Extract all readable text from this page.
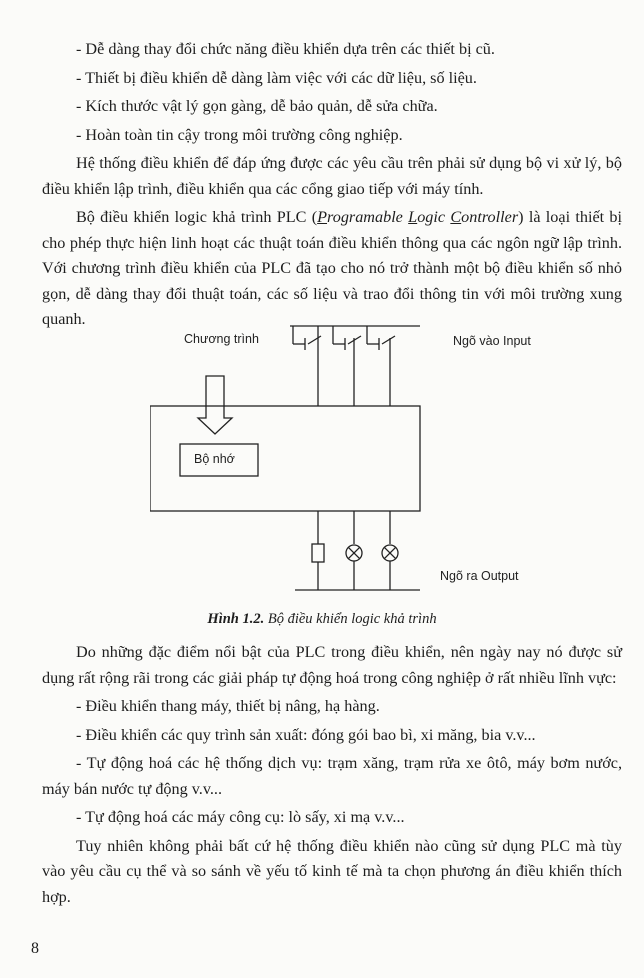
- Dễ dàng thay đổi chức năng điều khiển dựa trên các thiết bị cũ.

- Thiết bị điều khiển dễ dàng làm việc với các dữ liệu, số liệu.

- Kích thước vật lý gọn gàng, dễ bảo quản, dễ sửa chữa.

- Hoàn toàn tin cậy trong môi trường công nghiệp.

Hệ thống điều khiển để đáp ứng được các yêu cầu trên phải sử dụng bộ vi xử lý, bộ điều khiển lập trình, điều khiển qua các cổng giao tiếp với máy tính.

Bộ điều khiển logic khả trình PLC (Programable Logic Controller) là loại thiết bị cho phép thực hiện linh hoạt các thuật toán điều khiển thông qua các ngôn ngữ lập trình. Với chương trình điều khiển của PLC đã tạo cho nó trở thành một bộ điều khiển số nhỏ gọn, dễ dàng thay đổi thuật toán, các số liệu và trao đổi thông tin với môi trường xung quanh.

Chương trình	Ngõ vào Input
Bộ nhớ
Ngõ ra Output
Hình 1.2. Bộ điều khiển logic khả trình

Do những đặc điểm nổi bật của PLC trong điều khiển, nên ngày nay nó được sử dụng rất rộng rãi trong các giải pháp tự động hoá trong công nghiệp ở rất nhiều lĩnh vực:

- Điều khiển thang máy, thiết bị nâng, hạ hàng.

- Điều khiển các quy trình sản xuất: đóng gói bao bì, xi măng, bia v.v...

- Tự động hoá các hệ thống dịch vụ: trạm xăng, trạm rửa xe ôtô, máy bơm nước, máy bán nước tự động v.v...

- Tự động hoá các máy công cụ: lò sấy, xi mạ v.v...

Tuy nhiên không phải bất cứ hệ thống điều khiển nào cũng sử dụng PLC mà tùy vào yêu cầu cụ thể và so sánh về yếu tố kinh tế mà ta chọn phương án điều khiển thích hợp.

8
